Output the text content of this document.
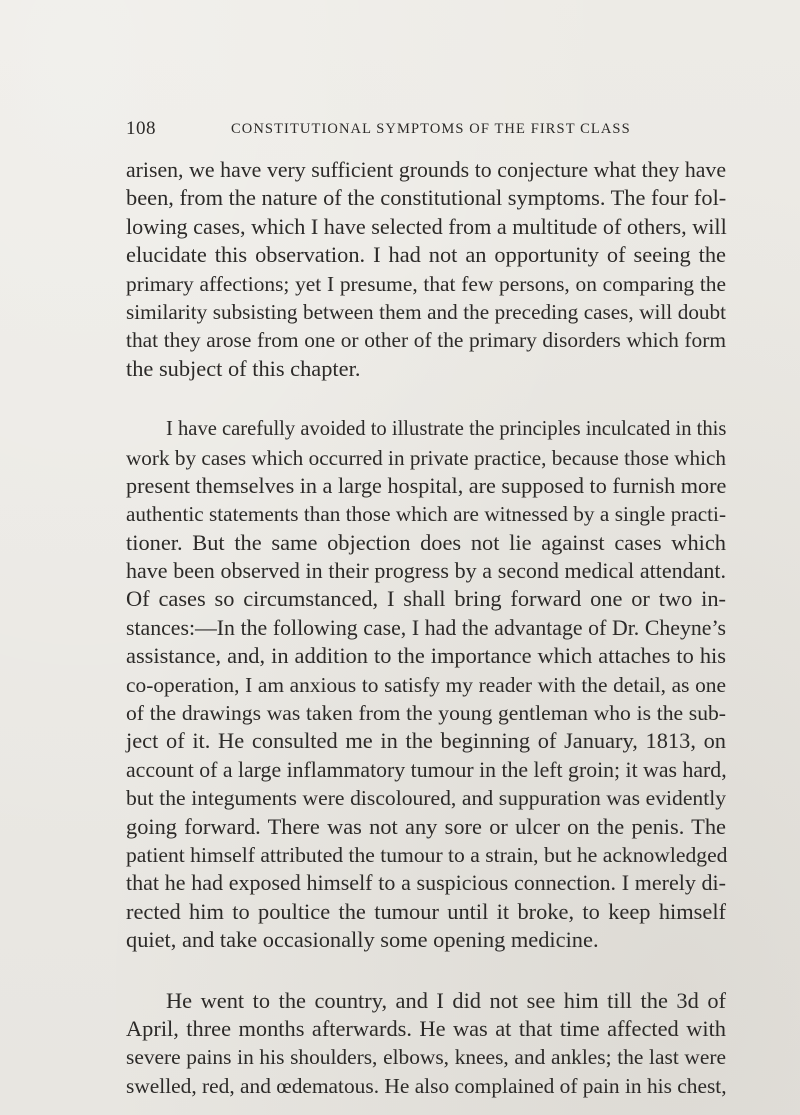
108	CONSTITUTIONAL SYMPTOMS OF THE FIRST CLASS
arisen, we have very sufficient grounds to conjecture what they have
been, from the nature of the constitutional symptoms. The four fol-
lowing cases, which I have selected from a multitude of others, will
elucidate this observation. I had not an opportunity of seeing the
primary affections; yet I presume, that few persons, on comparing the
similarity subsisting between them and the preceding cases, will doubt
that they arose from one or other of the primary disorders which form
the subject of this chapter.
I have carefully avoided to illustrate the principles inculcated in this
work by cases which occurred in private practice, because those which
present themselves in a large hospital, are supposed to furnish more
authentic statements than those which are witnessed by a single practi-
tioner. But the same objection does not lie against cases which
have been observed in their progress by a second medical attendant.
Of cases so circumstanced, I shall bring forward one or two in-
stances:—In the following case, I had the advantage of Dr. Cheyne’s
assistance, and, in addition to the importance which attaches to his
co-operation, I am anxious to satisfy my reader with the detail, as one
of the drawings was taken from the young gentleman who is the sub-
ject of it. He consulted me in the beginning of January, 1813, on
account of a large inflammatory tumour in the left groin; it was hard,
but the integuments were discoloured, and suppuration was evidently
going forward. There was not any sore or ulcer on the penis. The
patient himself attributed the tumour to a strain, but he acknowledged
that he had exposed himself to a suspicious connection. I merely di-
rected him to poultice the tumour until it broke, to keep himself
quiet, and take occasionally some opening medicine.
He went to the country, and I did not see him till the 3d of
April, three months afterwards. He was at that time affected with
severe pains in his shoulders, elbows, knees, and ankles; the last were
swelled, red, and œdematous. He also complained of pain in his chest,
